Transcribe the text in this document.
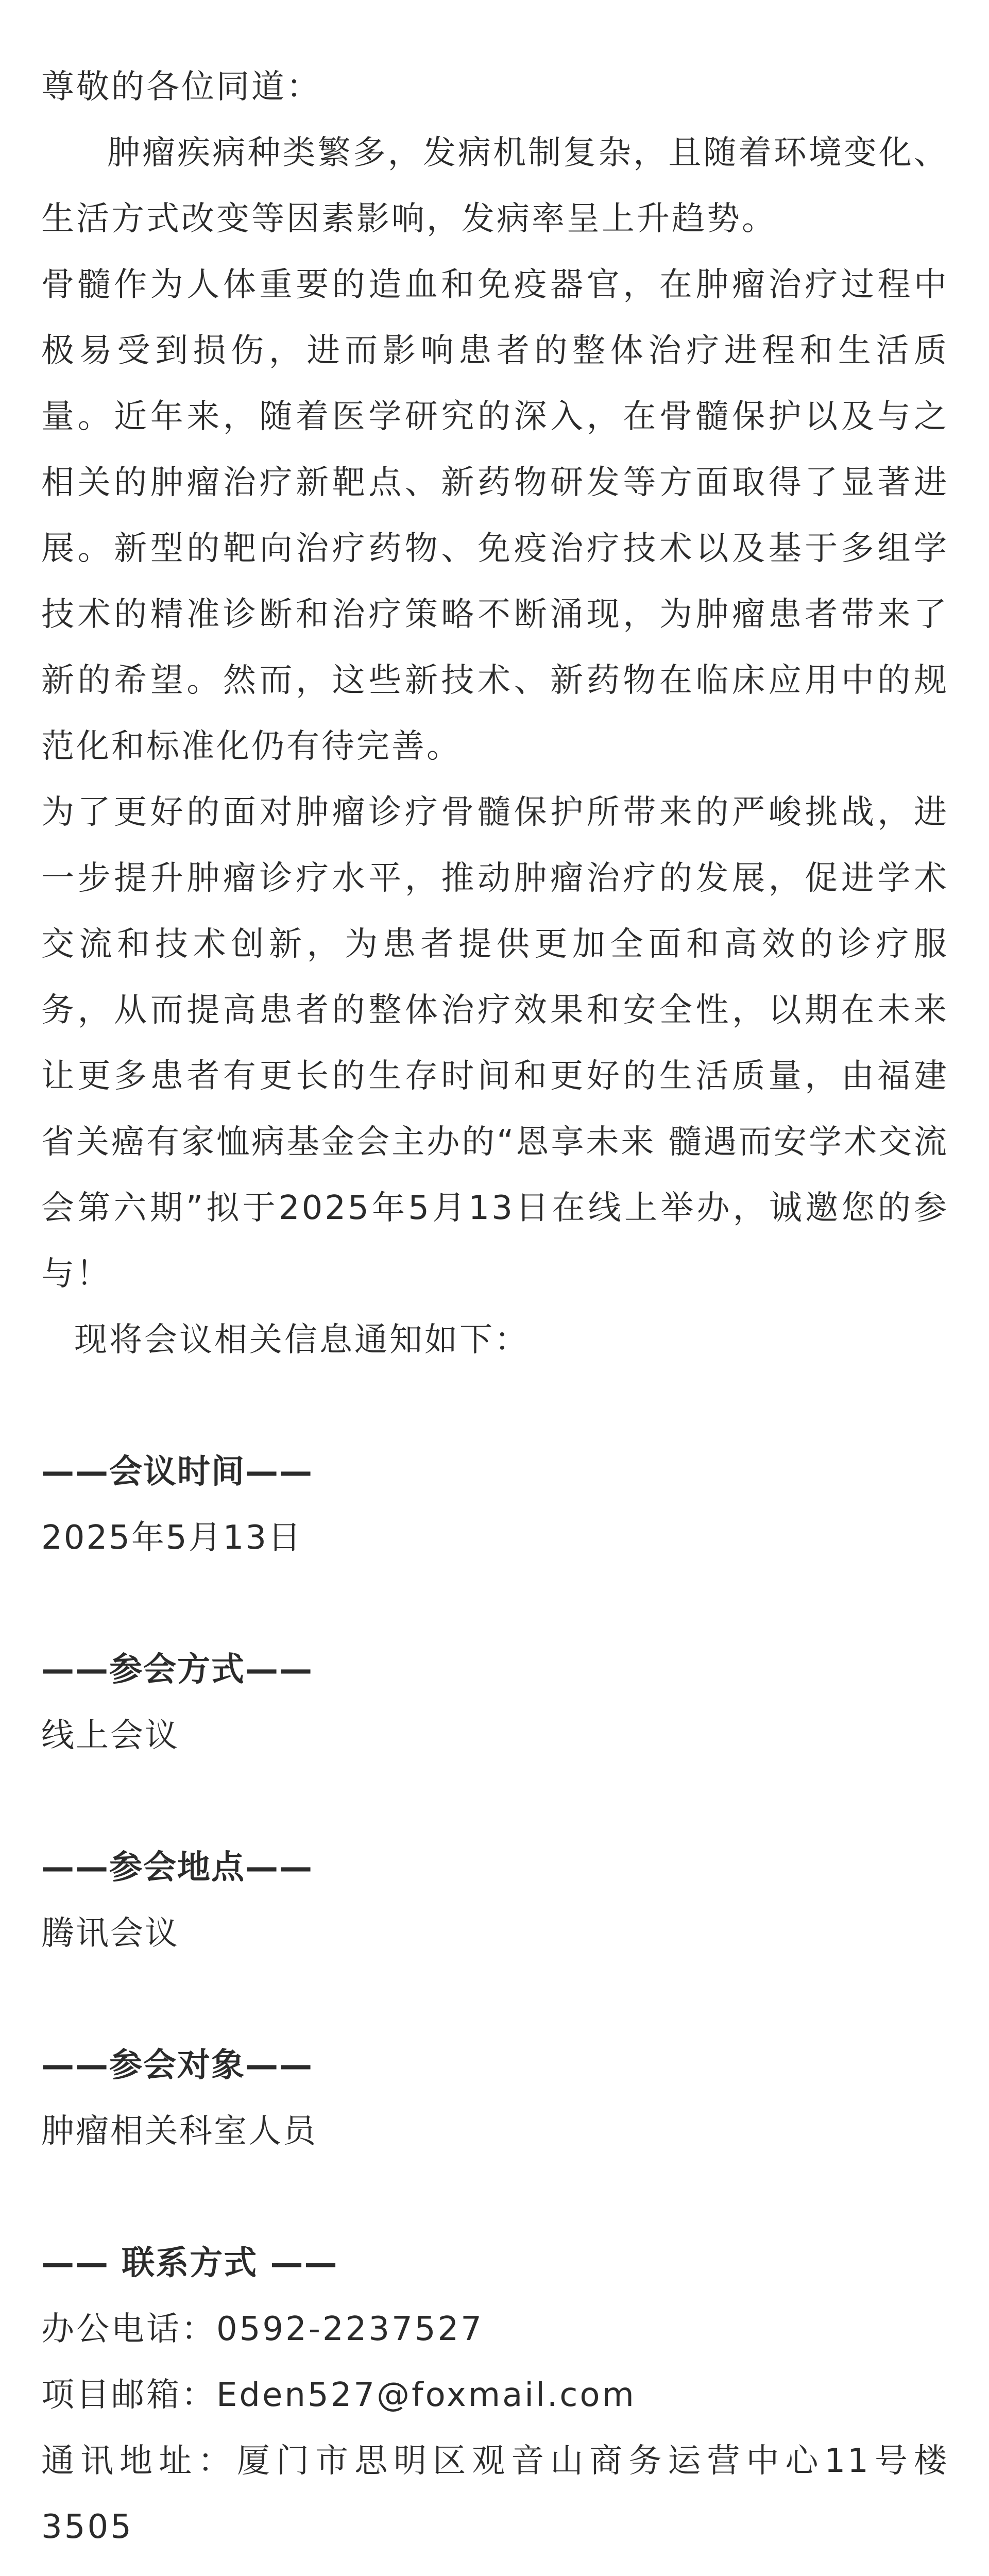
尊敬的各位同道：

肿瘤疾病种类繁多，发病机制复杂，且随着环境变化、生活方式改变等因素影响，发病率呈上升趋势。

骨髓作为人体重要的造血和免疫器官，在肿瘤治疗过程中极易受到损伤，进而影响患者的整体治疗进程和生活质量。近年来，随着医学研究的深入，在骨髓保护以及与之相关的肿瘤治疗新靶点、新药物研发等方面取得了显著进展。新型的靶向治疗药物、免疫治疗技术以及基于多组学技术的精准诊断和治疗策略不断涌现，为肿瘤患者带来了新的希望。然而，这些新技术、新药物在临床应用中的规范化和标准化仍有待完善。

为了更好的面对肿瘤诊疗骨髓保护所带来的严峻挑战，进一步提升肿瘤诊疗水平，推动肿瘤治疗的发展，促进学术交流和技术创新，为患者提供更加全面和高效的诊疗服务，从而提高患者的整体治疗效果和安全性，以期在未来让更多患者有更长的生存时间和更好的生活质量，由福建省关癌有家恤病基金会主办的“恩享未来 髓遇而安学术交流会第六期”拟于2025年5月13日在线上举办，诚邀您的参与！

现将会议相关信息通知如下：

——会议时间——

2025年5月13日

——参会方式——

线上会议

——参会地点——

腾讯会议

——参会对象——

肿瘤相关科室人员

—— 联系方式 ——

办公电话：0592-2237527

项目邮箱：Eden527@foxmail.com

通讯地址：厦门市思明区观音山商务运营中心11号楼3505
